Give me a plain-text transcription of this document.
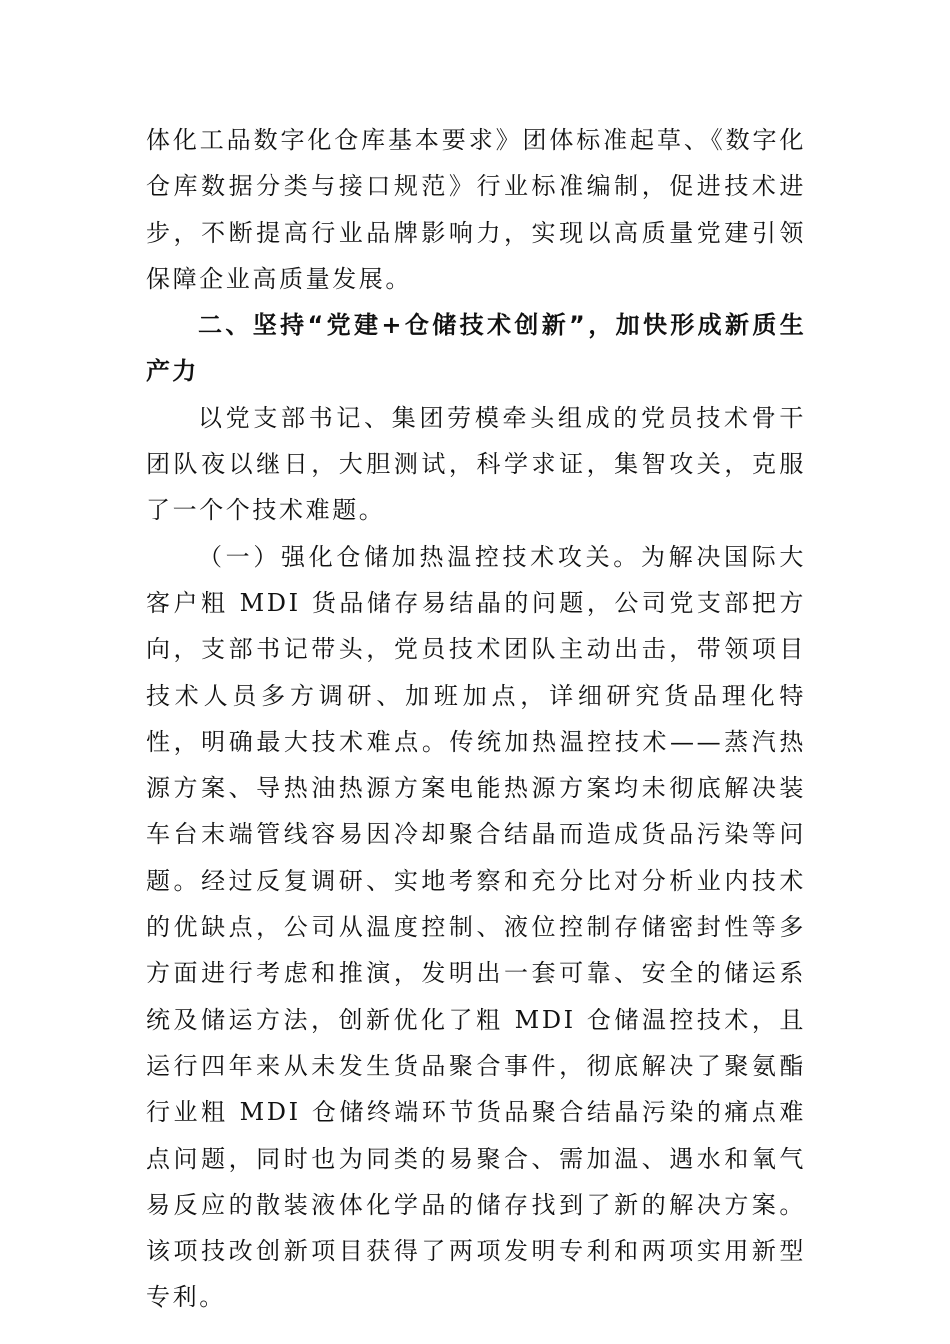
体化工品数字化仓库基本要求》团体标准起草、《数字化仓库数据分类与接口规范》行业标准编制，促进技术进步，不断提高行业品牌影响力，实现以高质量党建引领保障企业高质量发展。

二、坚持“党建+仓储技术创新”，加快形成新质生产力

以党支部书记、集团劳模牵头组成的党员技术骨干团队夜以继日，大胆测试，科学求证，集智攻关，克服了一个个技术难题。

（一）强化仓储加热温控技术攻关。为解决国际大客户粗 MDI 货品储存易结晶的问题，公司党支部把方向，支部书记带头，党员技术团队主动出击，带领项目技术人员多方调研、加班加点，详细研究货品理化特性，明确最大技术难点。传统加热温控技术——蒸汽热源方案、导热油热源方案电能热源方案均未彻底解决装车台末端管线容易因冷却聚合结晶而造成货品污染等问题。经过反复调研、实地考察和充分比对分析业内技术的优缺点，公司从温度控制、液位控制存储密封性等多方面进行考虑和推演，发明出一套可靠、安全的储运系统及储运方法，创新优化了粗 MDI 仓储温控技术，且运行四年来从未发生货品聚合事件，彻底解决了聚氨酯行业粗 MDI 仓储终端环节货品聚合结晶污染的痛点难点问题，同时也为同类的易聚合、需加温、遇水和氧气易反应的散装液体化学品的储存找到了新的解决方案。该项技改创新项目获得了两项发明专利和两项实用新型专利。
